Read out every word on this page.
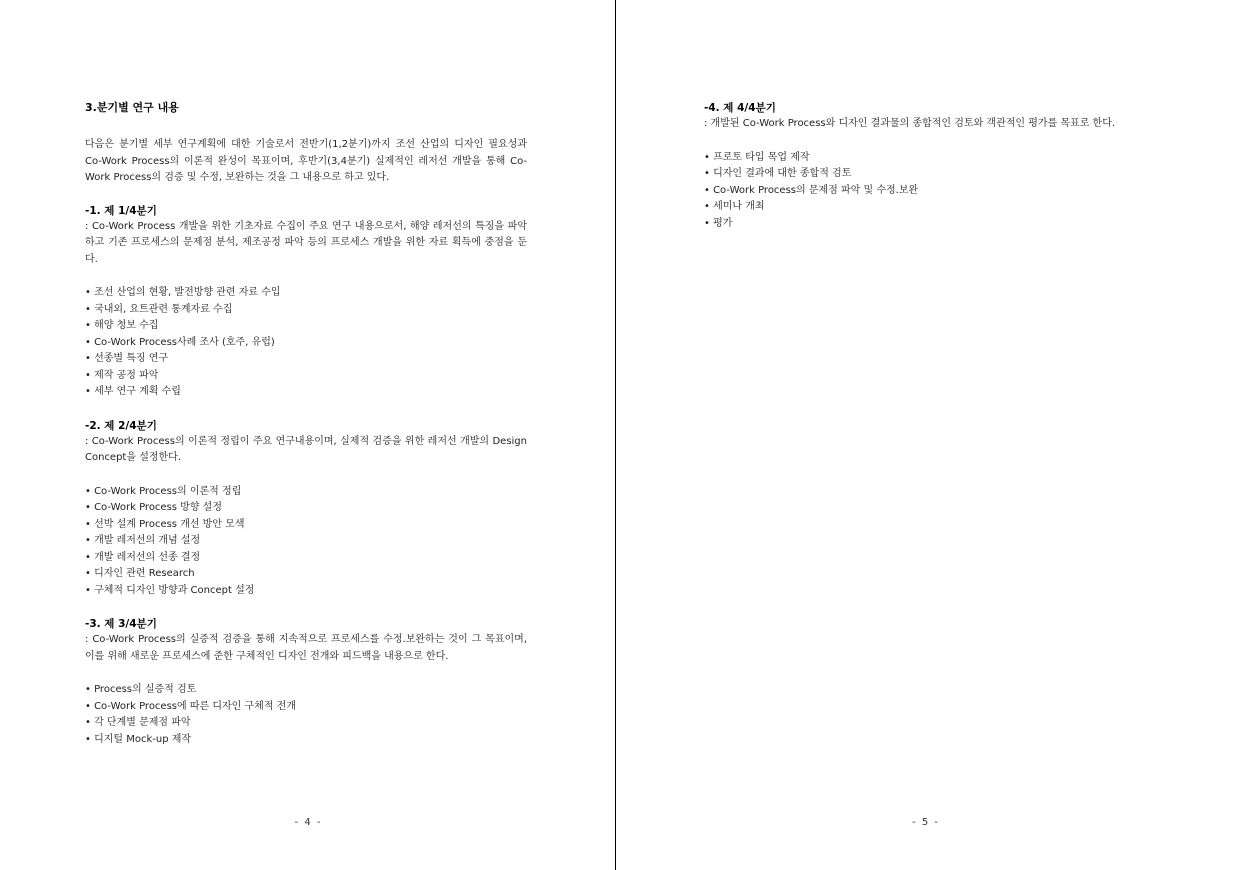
3.분기별 연구 내용

다음은 분기별 세부 연구계획에 대한 기술로서 전반기(1,2분기)까지 조선 산업의 디자인 필요성과 Co-Work Process의 이론적 완성이 목표이며, 후반기(3,4분기) 실제적인 레저선 개발을 통해 Co-Work Process의 검증 및 수정, 보완하는 것을 그 내용으로 하고 있다.

-1. 제 1/4분기

: Co-Work Process 개발을 위한 기초자료 수집이 주요 연구 내용으로서, 해양 레저선의 특징을 파악하고 기존 프로세스의 문제점 분석, 제조공정 파악 등의 프로세스 개발을 위한 자료 획득에 중점을 둔다.

• 조선 산업의 현황, 발전방향 관련 자료 수입
• 국내외, 요트관련 통계자료 수집
• 해양 청보 수집
• Co-Work Process사례 조사 (호주, 유럽)
• 선종별 특징 연구
• 제작 공정 파악
• 세부 연구 계획 수립
-2. 제 2/4분기

: Co-Work Process의 이론적 정립이 주요 연구내용이며, 실제적 검증을 위한 레저선 개발의 Design Concept을 설정한다.

• Co-Work Process의 이론적 정립
• Co-Work Process 방향 설정
• 선박 설계 Process 개선 방안 모색
• 개발 레저선의 개념 설정
• 개발 레저선의 선종 결정
• 디자인 관련 Research
• 구체적 디자인 방향과 Concept 설정
-3. 제 3/4분기

: Co-Work Process의 실증적 검증을 통해 지속적으로 프로세스를 수정.보완하는 것이 그 목표이며, 이를 위해 새로운 프로세스에 준한 구체적인 디자인 전개와 피드백을 내용으로 한다.

• Process의 실증적 검토
• Co-Work Process에 따른 디자인 구체적 전개
• 각 단계별 문제점 파악
• 디지털 Mock-up 제작
- 4 -
-4. 제 4/4분기

: 개발된 Co-Work Process와 디자인 결과물의 종합적인 검토와 객관적인 평가를 목표로 한다.

• 프로토 타입 목업 제작
• 디자인 결과에 대한 종합적 검토
• Co-Work Process의 문제점 파악 및 수정.보완
• 세미나 개최
• 평가
- 5 -
